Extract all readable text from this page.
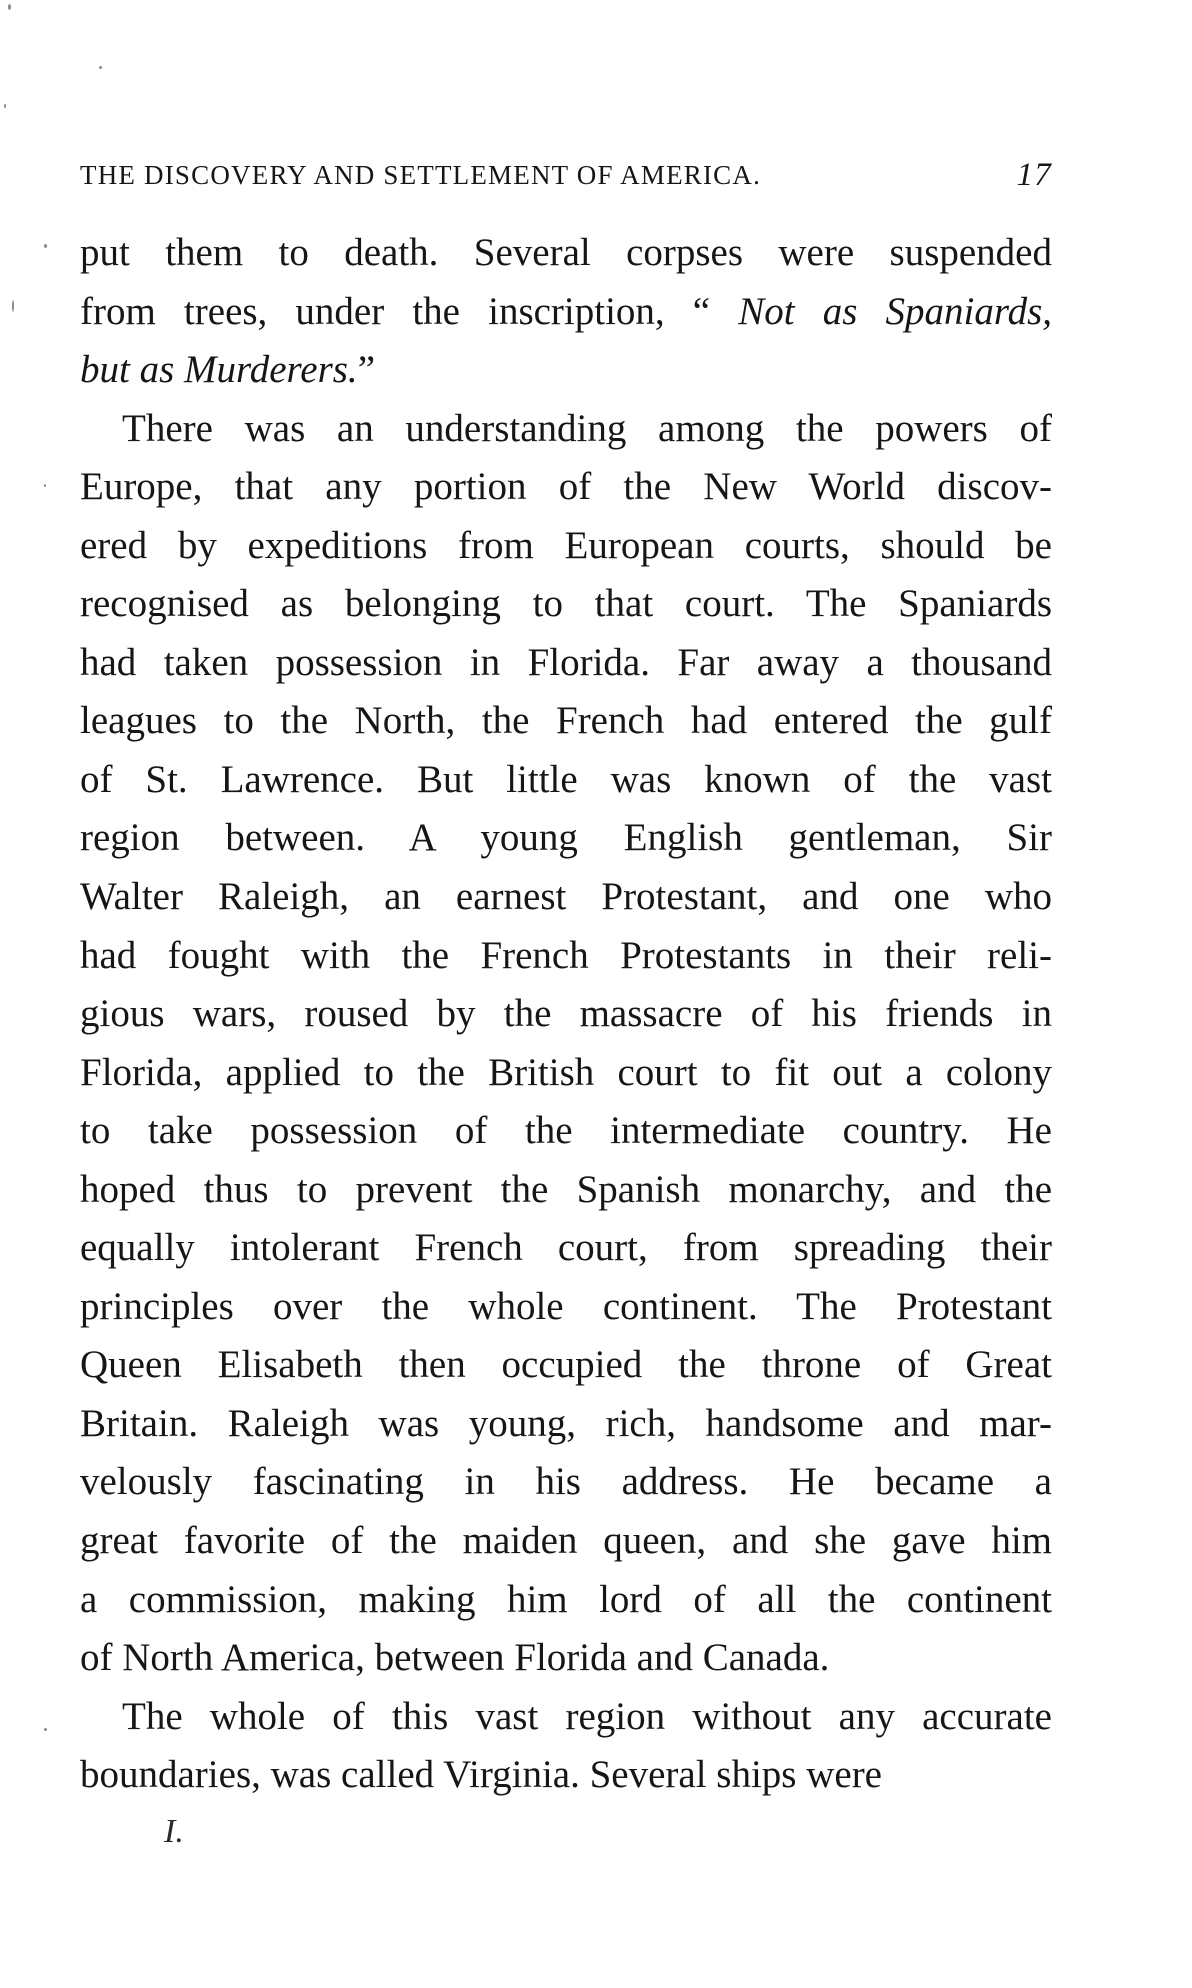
THE DISCOVERY AND SETTLEMENT OF AMERICA.	17
put them to death. Several corpses were suspended
from trees, under the inscription, “ Not as Spaniards,
but as Murderers.”
There was an understanding among the powers of
Europe, that any portion of the New World discov-
ered by expeditions from European courts, should be
recognised as belonging to that court. The Spaniards
had taken possession in Florida. Far away a thousand
leagues to the North, the French had entered the gulf
of St. Lawrence. But little was known of the vast
region between. A young English gentleman, Sir
Walter Raleigh, an earnest Protestant, and one who
had fought with the French Protestants in their reli-
gious wars, roused by the massacre of his friends in
Florida, applied to the British court to fit out a colony
to take possession of the intermediate country. He
hoped thus to prevent the Spanish monarchy, and the
equally intolerant French court, from spreading their
principles over the whole continent. The Protestant
Queen Elisabeth then occupied the throne of Great
Britain. Raleigh was young, rich, handsome and mar-
velously fascinating in his address. He became a
great favorite of the maiden queen, and she gave him
a commission, making him lord of all the continent
of North America, between Florida and Canada.
The whole of this vast region without any accurate
boundaries, was called Virginia. Several ships were
I.
